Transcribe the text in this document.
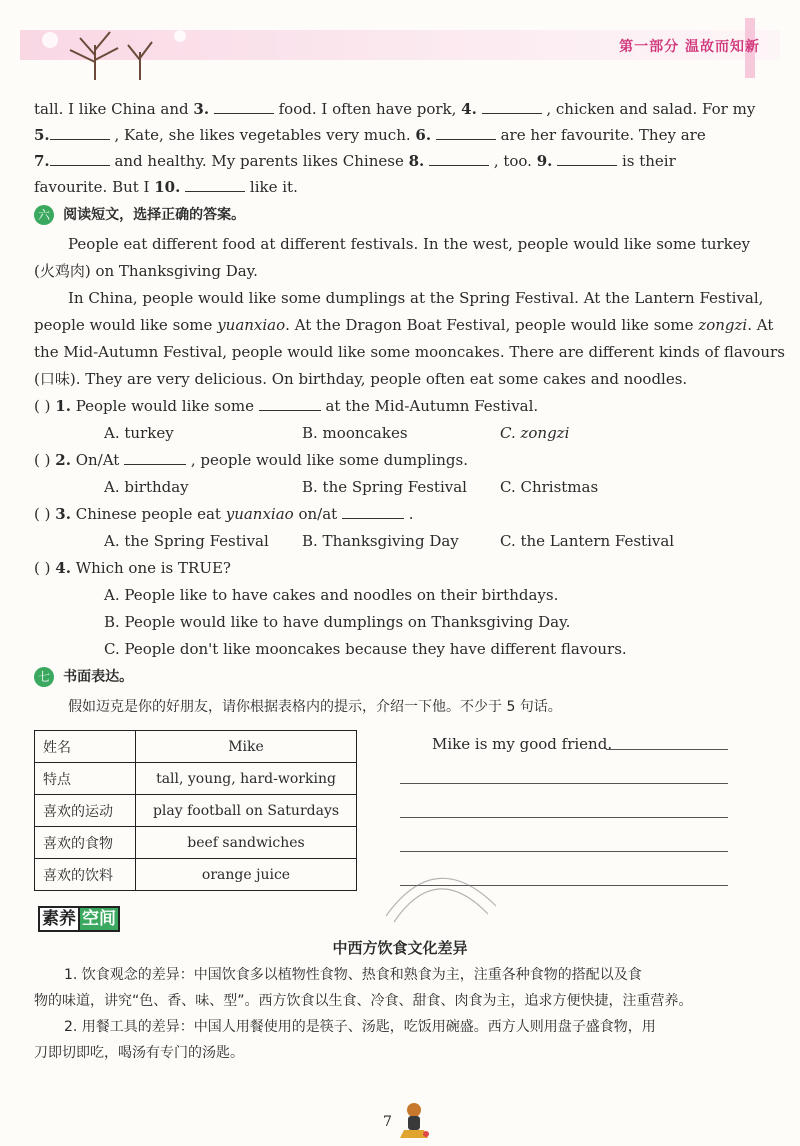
第一部分 温故而知新
tall. I like China and 3.	food. I often have pork, 4.	, chicken and salad. For my
5.	, Kate, she likes vegetables very much. 6.	are her favourite. They are
7.	and healthy. My parents likes Chinese 8.	, too. 9.	is their
favourite. But I 10.	like it.
六 阅读短文，选择正确的答案。
People eat different food at different festivals. In the west, people would like some turkey
(火鸡肉) on Thanksgiving Day.
In China, people would like some dumplings at the Spring Festival. At the Lantern Festival,
people would like some yuanxiao. At the Dragon Boat Festival, people would like some zongzi. At
the Mid-Autumn Festival, people would like some mooncakes. There are different kinds of flavours
(口味). They are very delicious. On birthday, people often eat some cakes and noodles.
( ) 1. People would like some	at the Mid-Autumn Festival.
A. turkey	B. mooncakes	C. zongzi
( ) 2. On/At	, people would like some dumplings.
A. birthday	B. the Spring Festival C. Christmas
( ) 3. Chinese people eat yuanxiao on/at	.
A. the Spring Festival B. Thanksgiving Day	C. the Lantern Festival
( ) 4. Which one is TRUE?
A. People like to have cakes and noodles on their birthdays.
B. People would like to have dumplings on Thanksgiving Day.
C. People don't like mooncakes because they have different flavours.
七 书面表达。
假如迈克是你的好朋友，请你根据表格内的提示，介绍一下他。不少于 5 句话。
姓名	Mike
特点	tall, young, hard-working
喜欢的运动	play football on Saturdays
喜欢的食物	beef sandwiches
喜欢的饮料	orange juice
Mike is my good friend.
素养 空间
中西方饮食文化差异
1. 饮食观念的差异：中国饮食多以植物性食物、热食和熟食为主，注重各种食物的搭配以及食
物的味道，讲究“色、香、味、型”。西方饮食以生食、冷食、甜食、肉食为主，追求方便快捷，注重营养。
2. 用餐工具的差异：中国人用餐使用的是筷子、汤匙，吃饭用碗盛。西方人则用盘子盛食物，用
刀即切即吃，喝汤有专门的汤匙。
7
